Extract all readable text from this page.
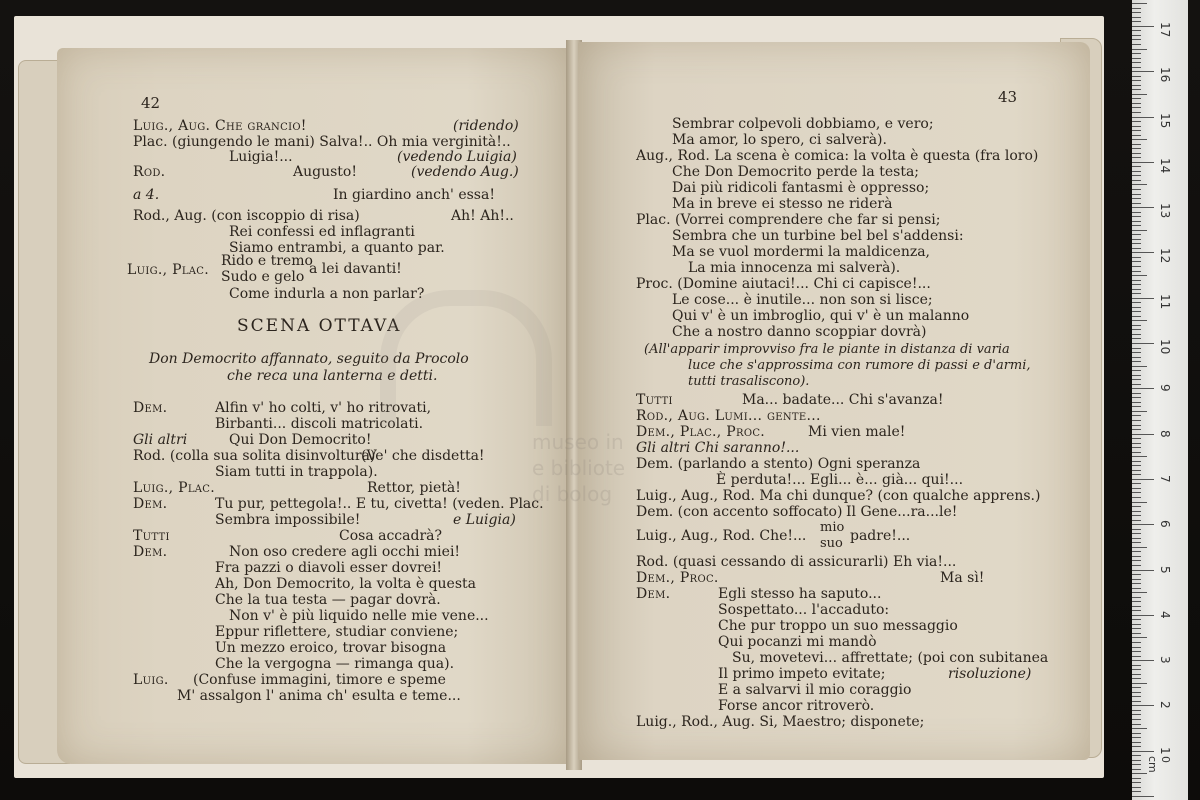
42
Luig., Aug. Che grancio!	(ridendo)
Plac. (giungendo le mani) Salva!.. Oh mia verginità!..
Luigia!...	(vedendo Luigia)
Rod.	Augusto!	(vedendo Aug.)
a 4.	In giardino anch' essa!
Rod., Aug. (con iscoppio di risa)	Ah! Ah!..
Rei confessi ed inflagranti
Siamo entrambi, a quanto par.
Luig., Plac.
Rido e tremo
Sudo e gelo a lei davanti!
Come indurla a non parlar?
SCENA OTTAVA
Don Democrito affannato, seguito da Procolo
che reca una lanterna e detti.
Dem.	Alfin v' ho colti, v' ho ritrovati,
Birbanti... discoli matricolati.
Gli altri	Qui Don Democrito!
Rod. (colla sua solita disinvoltura)
(Ve' che disdetta!
Siam tutti in trappola).
Luig., Plac.	Rettor, pietà!
Dem.	Tu pur, pettegola!.. E tu, civetta! (veden. Plac.
Sembra impossibile!	e Luigia)
Tutti	Cosa accadrà?
Dem.	Non oso credere agli occhi miei!
Fra pazzi o diavoli esser dovrei!
Ah, Don Democrito, la volta è questa
Che la tua testa — pagar dovrà.
Non v' è più liquido nelle mie vene...
Eppur riflettere, studiar conviene;
Un mezzo eroico, trovar bisogna
Che la vergogna — rimanga qua).
Luig. (Confuse immagini, timore e speme
M' assalgon l' anima ch' esulta e teme...
43
Sembrar colpevoli dobbiamo, e vero;
Ma amor, lo spero, ci salverà).
Aug., Rod. La scena è comica: la volta è questa (fra loro)
Che Don Democrito perde la testa;
Dai più ridicoli fantasmi è oppresso;
Ma in breve ei stesso ne riderà
Plac. (Vorrei comprendere che far si pensi;
Sembra che un turbine bel bel s'addensi:
Ma se vuol mordermi la maldicenza,
La mia innocenza mi salverà).
Proc. (Domine aiutaci!... Chi ci capisce!...
Le cose... è inutile... non son si lisce;
Qui v' è un imbroglio, qui v' è un malanno
Che a nostro danno scoppiar dovrà)
(All'apparir improvviso fra le piante in distanza di varia
luce che s'approssima con rumore di passi e d'armi,
tutti trasaliscono).
Tutti	Ma... badate... Chi s'avanza!
Rod., Aug. Lumi... gente...
Dem., Plac., Proc.	Mi vien male!
Gli altri Chi saranno!...
Dem. (parlando a stento) Ogni speranza
È perduta!... Egli... è... già... qui!...
Luig., Aug., Rod. Ma chi dunque? (con qualche apprens.)
Dem. (con accento soffocato) Il Gene...ra...le!
Luig., Aug., Rod. Che!...
mio
suo padre!...
Rod. (quasi cessando di assicurarli) Eh via!...
Dem., Proc.	Ma sì!
Dem.	Egli stesso ha saputo...
Sospettato... l'accaduto:
Che pur troppo un suo messaggio
Qui pocanzi mi mandò
Su, movetevi... affrettate; (poi con subitanea
Il primo impeto evitate;	risoluzione)
E a salvarvi il mio coraggio
Forse ancor ritroverò.
Luig., Rod., Aug. Si, Maestro; disponete;
museo in
e bibliote
di bolog
17
16
15
14
13
12
11
10
9
8
7
6
5
4
3
2
1
0 cm
